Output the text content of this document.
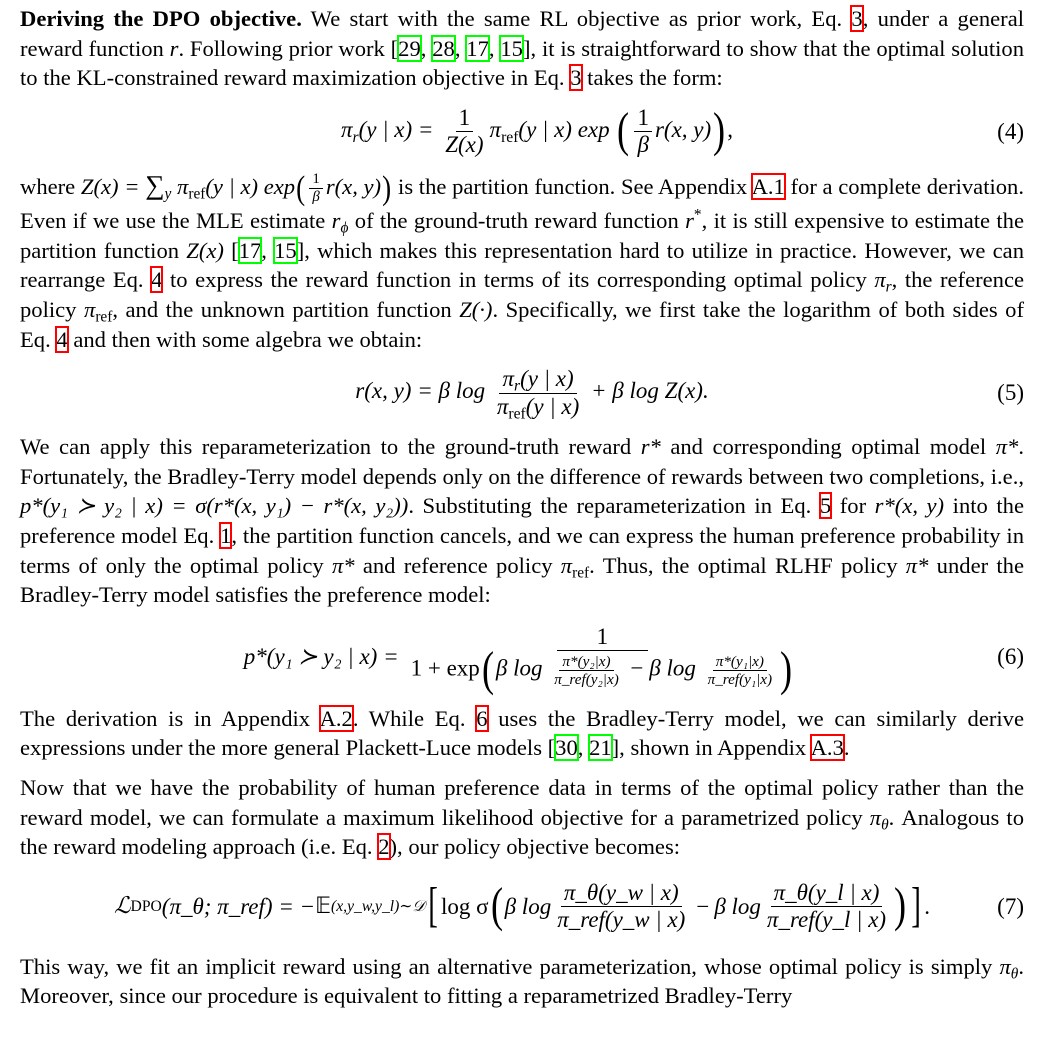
Deriving the DPO objective. We start with the same RL objective as prior work, Eq. 3, under a general reward function r. Following prior work [29, 28, 17, 15], it is straightforward to show that the optimal solution to the KL-constrained reward maximization objective in Eq. 3 takes the form:

$\pi_r(y$ | $x) = \frac{1}{Z(x)} \pi_{ref}(y$ | x) exp ( $\frac{1}{\beta} r(x$, y)),	(4)

where $Z(x) = \sum_y$ $\pi_{ref}(y$ | x) $\exp( \frac{1}{\beta} r(x$, y)) is the partition function. See Appendix A.1 for a complete derivation. Even if we use the MLE estimate $r_\phi$ of the ground-truth reward function r*, it is still expensive to estimate the partition function Z(x) [17, 15], which makes this representation hard to utilize in practice. However, we can rearrange Eq. 4 to express the reward function in terms of its corresponding optimal policy $\pi_r$, the reference policy $\pi_{ref}$, and the unknown partition function Z(·). Specifically, we first take the logarithm of both sides of Eq. 4 and then with some algebra we obtain:

r(x, y) = β $\log \frac{\pi_r(y | x)}{\pi_{ref}(y | x)} + \beta$ log Z(x).	(5)

We can apply this reparameterization to the ground-truth reward r* and corresponding optimal model π*. Fortunately, the Bradley-Terry model depends only on the difference of rewards between two completions, i.e., p*(y₁ ≻ y₂ | x) = σ(r*(x, y₁) − r*(x, y₂)). Substituting the reparameterization in Eq. 5 for r*(x, y) into the preference model Eq. 1, the partition function cancels, and we can express the human preference probability in terms of only the optimal policy π* and reference policy $\pi_{ref}$. Thus, the optimal RLHF policy π* under the Bradley-Terry model satisfies the preference model:

p*(y₁ ≻ y₂ | x) =
1
1 + exp(β $\log \frac{\text{π*(y₂|x)}}{\text{π\_ref(y₂|x)}} - \beta$ $\log \frac{\text{π*(y₁|x)}}{\text{π\_ref(y₁|x)}}$ )	(6)

The derivation is in Appendix A.2. While Eq. 6 uses the Bradley-Terry model, we can similarly derive expressions under the more general Plackett-Luce models [30, 21], shown in Appendix A.3.

Now that we have the probability of human preference data in terms of the optimal policy rather than the reward model, we can formulate a maximum likelihood objective for a parametrized policy $\pi_\theta$. Analogous to the reward modeling approach (i.e. Eq. 2), our policy objective becomes:

ℒ DPO (π_θ; π_ref) = − 𝔼 (x,y_w,y_l)∼𝒟 [ log σ ( β $\log \frac{\pi\_\theta(y\_w | x)}{\text{π\_ref(y\_w | x)}} - \beta$ $\log \frac{\pi\_\theta(y\_l | x)}{\text{π\_ref(y\_l | x)}}$ ) ] .	(7)

This way, we fit an implicit reward using an alternative parameterization, whose optimal policy is simply $\pi_\theta$. Moreover, since our procedure is equivalent to fitting a reparametrized Bradley-Terry
